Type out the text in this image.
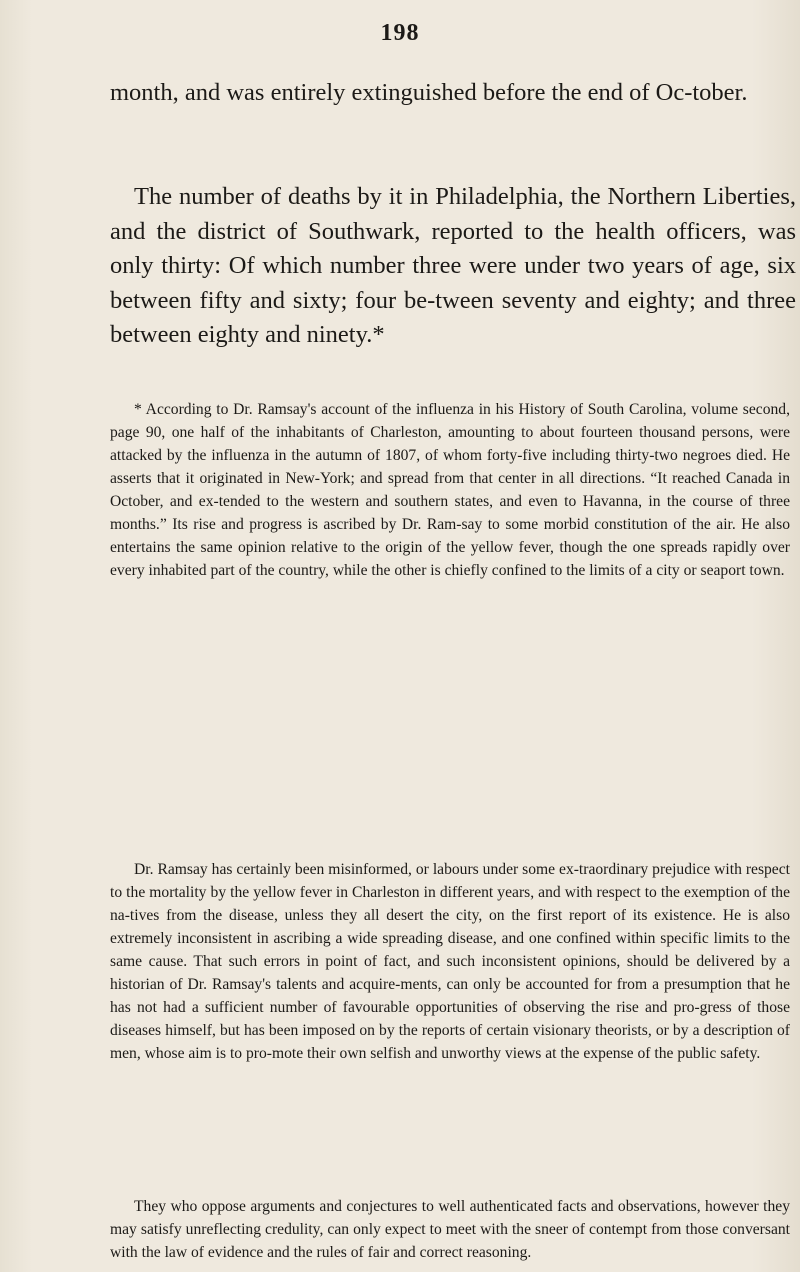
198

month, and was entirely extinguished before the end of Oc-tober.

The number of deaths by it in Philadelphia, the Northern Liberties, and the district of Southwark, reported to the health officers, was only thirty: Of which number three were under two years of age, six between fifty and sixty; four be-tween seventy and eighty; and three between eighty and ninety.*

* According to Dr. Ramsay's account of the influenza in his History of South Carolina, volume second, page 90, one half of the inhabitants of Charleston, amounting to about fourteen thousand persons, were attacked by the influenza in the autumn of 1807, of whom forty-five including thirty-two negroes died. He asserts that it originated in New-York; and spread from that center in all directions. “It reached Canada in October, and ex-tended to the western and southern states, and even to Havanna, in the course of three months.” Its rise and progress is ascribed by Dr. Ram-say to some morbid constitution of the air. He also entertains the same opinion relative to the origin of the yellow fever, though the one spreads rapidly over every inhabited part of the country, while the other is chiefly confined to the limits of a city or seaport town.

Dr. Ramsay has certainly been misinformed, or labours under some ex-traordinary prejudice with respect to the mortality by the yellow fever in Charleston in different years, and with respect to the exemption of the na-tives from the disease, unless they all desert the city, on the first report of its existence. He is also extremely inconsistent in ascribing a wide spreading disease, and one confined within specific limits to the same cause. That such errors in point of fact, and such inconsistent opinions, should be delivered by a historian of Dr. Ramsay's talents and acquire-ments, can only be accounted for from a presumption that he has not had a sufficient number of favourable opportunities of observing the rise and pro-gress of those diseases himself, but has been imposed on by the reports of certain visionary theorists, or by a description of men, whose aim is to pro-mote their own selfish and unworthy views at the expense of the public safety.

They who oppose arguments and conjectures to well authenticated facts and observations, however they may satisfy unreflecting credulity, can only expect to meet with the sneer of contempt from those conversant with the law of evidence and the rules of fair and correct reasoning.
